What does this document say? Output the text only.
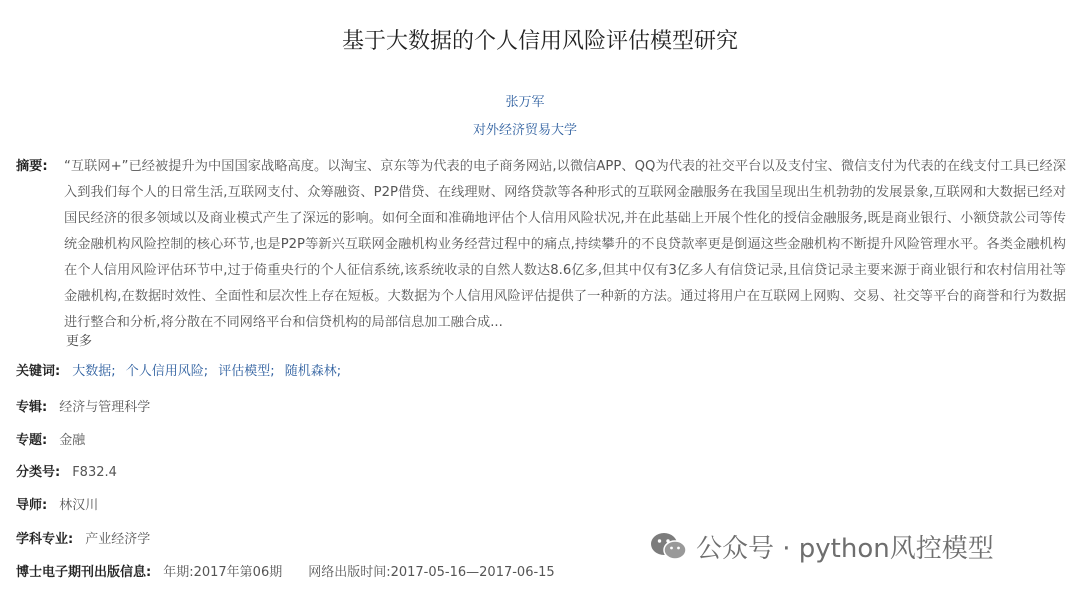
基于大数据的个人信用风险评估模型研究
张万军
对外经济贸易大学
摘要:	“互联网+”已经被提升为中国国家战略高度。以淘宝、京东等为代表的电子商务网站,以微信APP、QQ为代表的社交平台以及支付宝、微信支付为代表的在线支付工具已经深入到我们每个人的日常生活,互联网支付、众筹融资、P2P借贷、在线理财、网络贷款等各种形式的互联网金融服务在我国呈现出生机勃勃的发展景象,互联网和大数据已经对国民经济的很多领域以及商业模式产生了深远的影响。如何全面和准确地评估个人信用风险状况,并在此基础上开展个性化的授信金融服务,既是商业银行、小额贷款公司等传统金融机构风险控制的核心环节,也是P2P等新兴互联网金融机构业务经营过程中的痛点,持续攀升的不良贷款率更是倒逼这些金融机构不断提升风险管理水平。各类金融机构在个人信用风险评估环节中,过于倚重央行的个人征信系统,该系统收录的自然人数达8.6亿多,但其中仅有3亿多人有信贷记录,且信贷记录主要来源于商业银行和农村信用社等金融机构,在数据时效性、全面性和层次性上存在短板。大数据为个人信用风险评估提供了一种新的方法。通过将用户在互联网上网购、交易、社交等平台的商誉和行为数据进行整合和分析,将分散在不同网络平台和信贷机构的局部信息加工融合成...
更多
关键词: 大数据; 个人信用风险; 评估模型; 随机森林;
专辑: 经济与管理科学
专题: 金融
分类号: F832.4
导师: 林汉川
学科专业: 产业经济学
博士电子期刊出版信息: 年期:2017年第06期 网络出版时间:2017-05-16—2017-06-15
公众号 · python风控模型
